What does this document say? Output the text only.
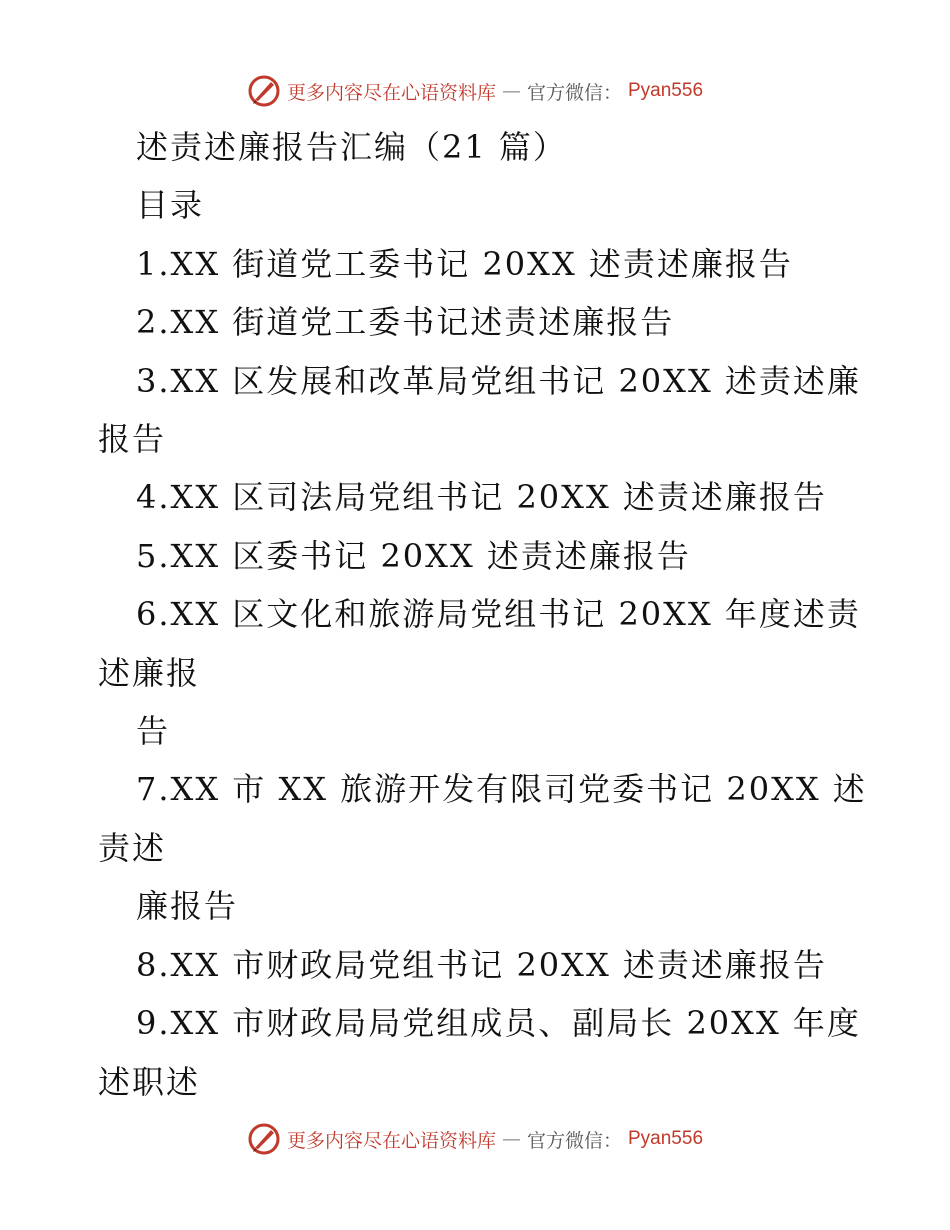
更多内容尽在心语资料库 — 官方微信： Pyan556
述责述廉报告汇编（21 篇）
目录
1.XX 街道党工委书记 20XX 述责述廉报告
2.XX 街道党工委书记述责述廉报告
3.XX 区发展和改革局党组书记 20XX 述责述廉
报告
4.XX 区司法局党组书记 20XX 述责述廉报告
5.XX 区委书记 20XX 述责述廉报告
6.XX 区文化和旅游局党组书记 20XX 年度述责
述廉报
告
7.XX 市 XX 旅游开发有限司党委书记 20XX 述
责述
廉报告
8.XX 市财政局党组书记 20XX 述责述廉报告
9.XX 市财政局局党组成员、副局长 20XX 年度
述职述
更多内容尽在心语资料库 — 官方微信： Pyan556
